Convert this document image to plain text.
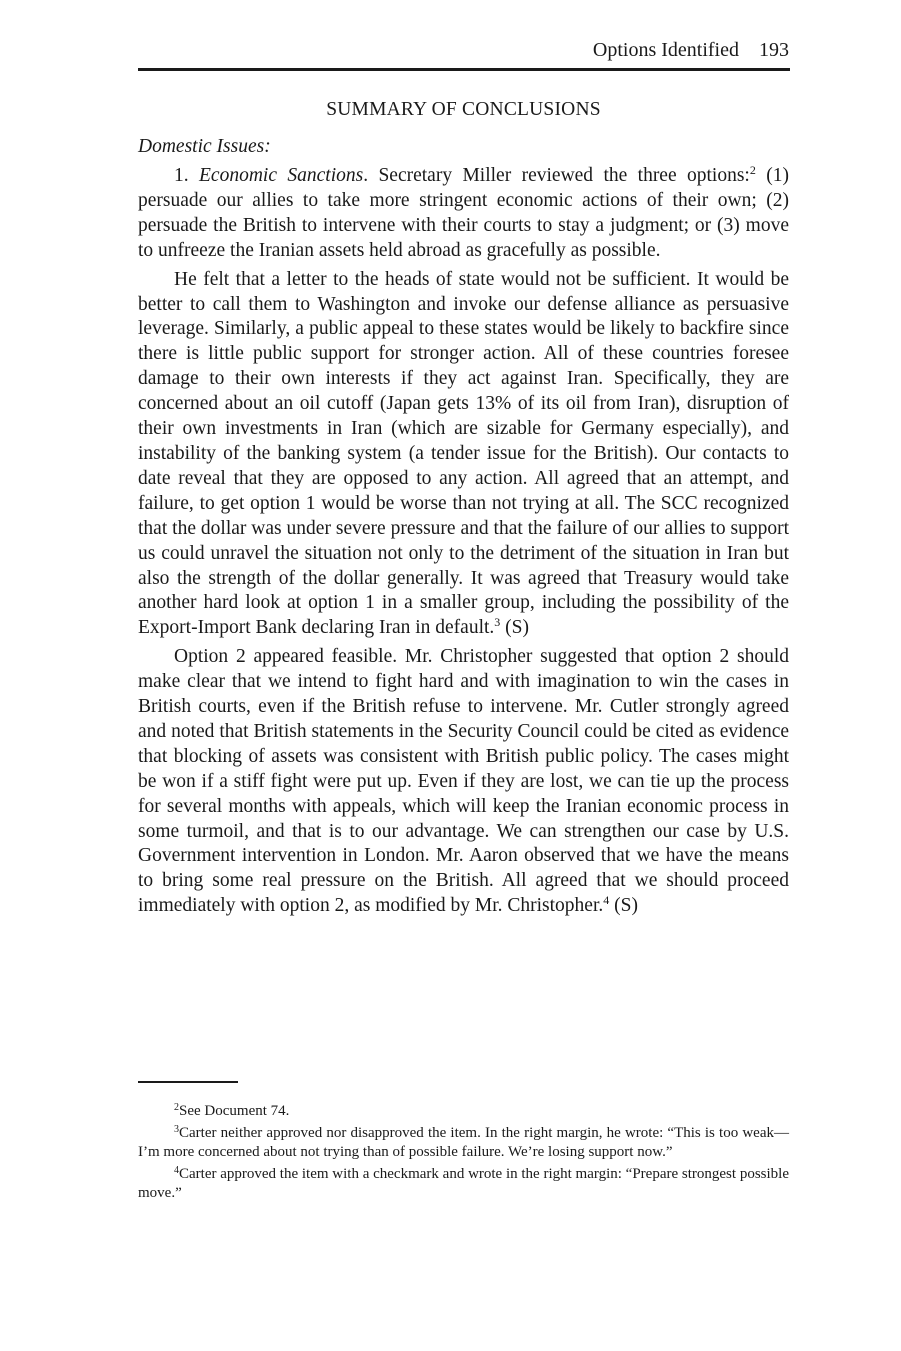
Options Identified 193
SUMMARY OF CONCLUSIONS
Domestic Issues:

1. Economic Sanctions. Secretary Miller reviewed the three options:$^2$ (1) persuade our allies to take more stringent economic actions of their own; (2) persuade the British to intervene with their courts to stay a judgment; or (3) move to unfreeze the Iranian assets held abroad as gracefully as possible.

He felt that a letter to the heads of state would not be sufficient. It would be better to call them to Washington and invoke our defense alliance as persuasive leverage. Similarly, a public appeal to these states would be likely to backfire since there is little public support for stronger action. All of these countries foresee damage to their own interests if they act against Iran. Specifically, they are concerned about an oil cutoff (Japan gets 13% of its oil from Iran), disruption of their own investments in Iran (which are sizable for Germany especially), and instability of the banking system (a tender issue for the British). Our contacts to date reveal that they are opposed to any action. All agreed that an attempt, and failure, to get option 1 would be worse than not trying at all. The SCC recognized that the dollar was under severe pressure and that the failure of our allies to support us could unravel the situation not only to the detriment of the situation in Iran but also the strength of the dollar generally. It was agreed that Treasury would take another hard look at option 1 in a smaller group, including the possibility of the Export-Import Bank declaring Iran in default.$^3$ (S)

Option 2 appeared feasible. Mr. Christopher suggested that option 2 should make clear that we intend to fight hard and with imagination to win the cases in British courts, even if the British refuse to intervene. Mr. Cutler strongly agreed and noted that British statements in the Security Council could be cited as evidence that blocking of assets was consistent with British public policy. The cases might be won if a stiff fight were put up. Even if they are lost, we can tie up the process for several months with appeals, which will keep the Iranian economic process in some turmoil, and that is to our advantage. We can strengthen our case by U.S. Government intervention in London. Mr. Aaron observed that we have the means to bring some real pressure on the British. All agreed that we should proceed immediately with option 2, as modified by Mr. Christopher.$^4$ (S)

$^2$See Document 74.

$^3$Carter neither approved nor disapproved the item. In the right margin, he wrote: “This is too weak—I’m more concerned about not trying than of possible failure. We’re losing support now.”

$^4$Carter approved the item with a checkmark and wrote in the right margin: “Prepare strongest possible move.”
